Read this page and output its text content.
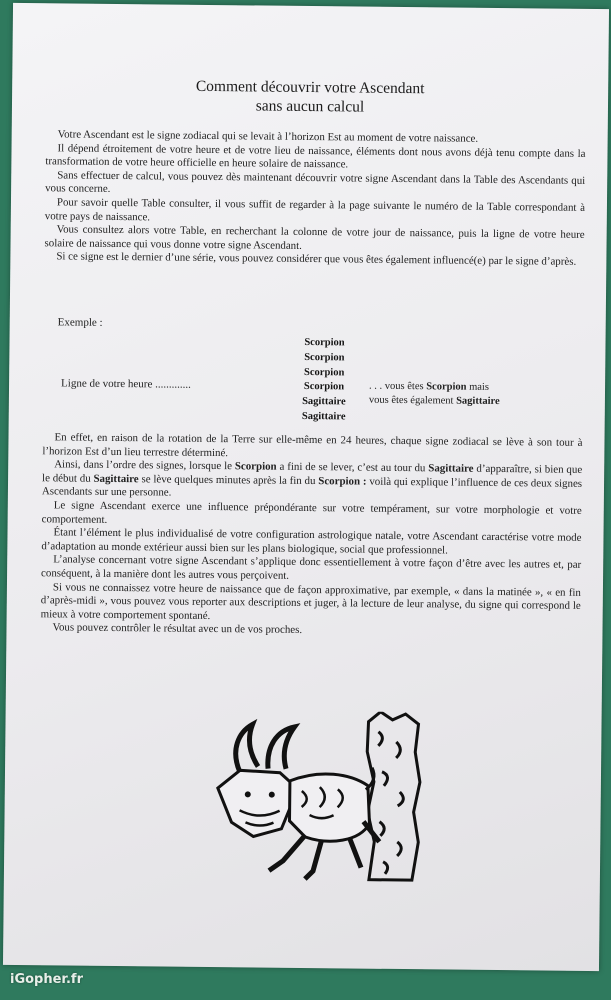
Comment découvrir votre Ascendant
sans aucun calcul

Votre Ascendant est le signe zodiacal qui se levait à l’horizon Est au moment de votre naissance.

Il dépend étroitement de votre heure et de votre lieu de naissance, éléments dont nous avons déjà tenu compte dans la transformation de votre heure officielle en heure solaire de naissance.

Sans effectuer de calcul, vous pouvez dès maintenant découvrir votre signe Ascendant dans la Table des Ascendants qui vous concerne.

Pour savoir quelle Table consulter, il vous suffit de regarder à la page suivante le numéro de la Table correspondant à votre pays de naissance.

Vous consultez alors votre Table, en recherchant la colonne de votre jour de naissance, puis la ligne de votre heure solaire de naissance qui vous donne votre signe Ascendant.

Si ce signe est le dernier d’une série, vous pouvez considérer que vous êtes également influencé(e) par le signe d’après.

Exemple :
Scorpion
Scorpion
Scorpion
Scorpion
Sagittaire
Sagittaire
Ligne de votre heure .............	. . . vous êtes Scorpion mais
vous êtes également Sagittaire

En effet, en raison de la rotation de la Terre sur elle-même en 24 heures, chaque signe zodiacal se lève à son tour à l’horizon Est d’un lieu terrestre déterminé.

Ainsi, dans l’ordre des signes, lorsque le Scorpion a fini de se lever, c’est au tour du Sagittaire d’apparaître, si bien que le début du Sagittaire se lève quelques minutes après la fin du Scorpion : voilà qui explique l’influence de ces deux signes Ascendants sur une personne.

Le signe Ascendant exerce une influence prépondérante sur votre tempérament, sur votre morphologie et votre comportement.

Étant l’élément le plus individualisé de votre configuration astrologique natale, votre Ascendant caractérise votre mode d’adaptation au monde extérieur aussi bien sur les plans biologique, social que professionnel.

L’analyse concernant votre signe Ascendant s’applique donc essentiellement à votre façon d’être avec les autres et, par conséquent, à la manière dont les autres vous perçoivent.

Si vous ne connaissez votre heure de naissance que de façon approximative, par exemple, « dans la matinée », « en fin d’après-midi », vous pouvez vous reporter aux descriptions et juger, à la lecture de leur analyse, du signe qui correspond le mieux à votre comportement spontané.

Vous pouvez contrôler le résultat avec un de vos proches.

iGopher.fr
